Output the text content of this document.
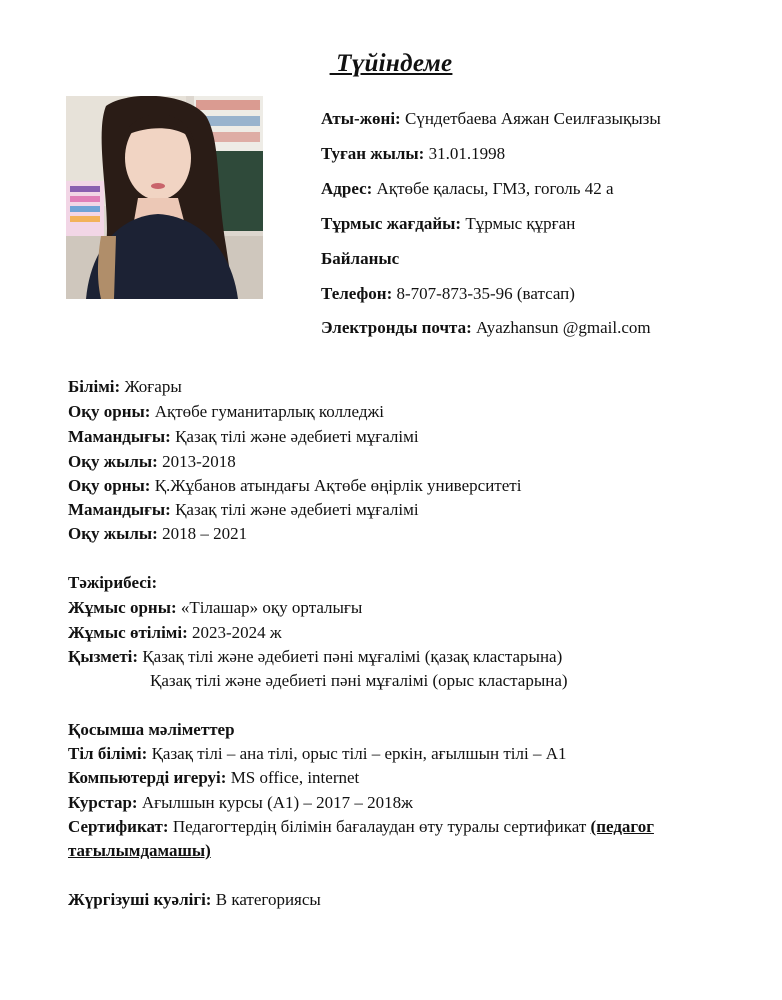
Түйіндеме
Аты-жөні: Сүндетбаева Аяжан Сеилғазықызы
Туған жылы: 31.01.1998
Адрес: Ақтөбе қаласы, ГМЗ, гоголь 42 а
Тұрмыс жағдайы: Тұрмыс құрған
Байланыс
Телефон: 8-707-873-35-96 (ватсап)
Электронды почта: Ayazhansun @gmail.com
Білімі: Жоғары
Оқу орны: Ақтөбе гуманитарлық колледжі
Мамандығы: Қазақ тілі және әдебиеті мұғалімі
Оқу жылы: 2013-2018
Оқу орны: Қ.Жұбанов атындағы Ақтөбе өңірлік университеті
Мамандығы: Қазақ тілі және әдебиеті мұғалімі
Оқу жылы: 2018 – 2021
Тәжірибесі:
Жұмыс орны: «Тілашар» оқу орталығы
Жұмыс өтілімі: 2023-2024 ж
Қызметі: Қазақ тілі және әдебиеті пәні мұғалімі (қазақ кластарына)
Қазақ тілі және әдебиеті пәні мұғалімі (орыс кластарына)
Қосымша мәліметтер
Тіл білімі: Қазақ тілі – ана тілі, орыс тілі – еркін, ағылшын тілі – А1
Компьютерді игеруі: MS office, internet
Курстар: Ағылшын курсы (А1) – 2017 – 2018ж
Сертификат: Педагогтердің білімін бағалаудан өту туралы сертификат (педагог
тағылымдамашы)
Жүргізуші куәлігі: В категориясы
